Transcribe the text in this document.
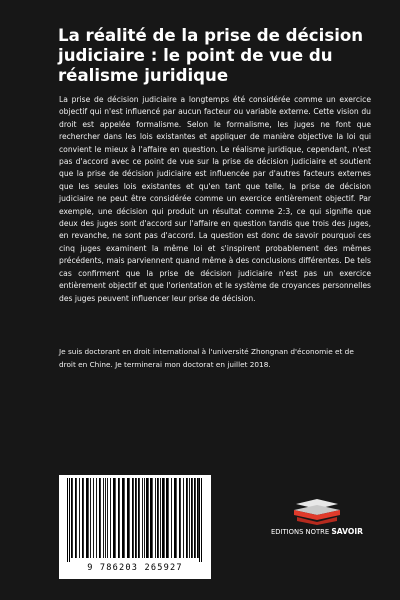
La réalité de la prise de décision judiciaire : le point de vue du réalisme juridique

La prise de décision judiciaire a longtemps été considérée comme un exercice objectif qui n'est influencé par aucun facteur ou variable externe. Cette vision du droit est appelée formalisme. Selon le formalisme, les juges ne font que rechercher dans les lois existantes et appliquer de manière objective la loi qui convient le mieux à l'affaire en question. Le réalisme juridique, cependant, n'est pas d'accord avec ce point de vue sur la prise de décision judiciaire et soutient que la prise de décision judiciaire est influencée par d'autres facteurs externes que les seules lois existantes et qu'en tant que telle, la prise de décision judiciaire ne peut être considérée comme un exercice entièrement objectif. Par exemple, une décision qui produit un résultat comme 2:3, ce qui signifie que deux des juges sont d'accord sur l'affaire en question tandis que trois des juges, en revanche, ne sont pas d'accord. La question est donc de savoir pourquoi ces cinq juges examinent la même loi et s'inspirent probablement des mêmes précédents, mais parviennent quand même à des conclusions différentes. De tels cas confirment que la prise de décision judiciaire n'est pas un exercice entièrement objectif et que l'orientation et le système de croyances personnelles des juges peuvent influencer leur prise de décision.

Je suis doctorant en droit international à l'université Zhongnan d'économie et de droit en Chine. Je terminerai mon doctorat en juillet 2018.

9 786203 265927
EDITIONS NOTRE SAVOIR
